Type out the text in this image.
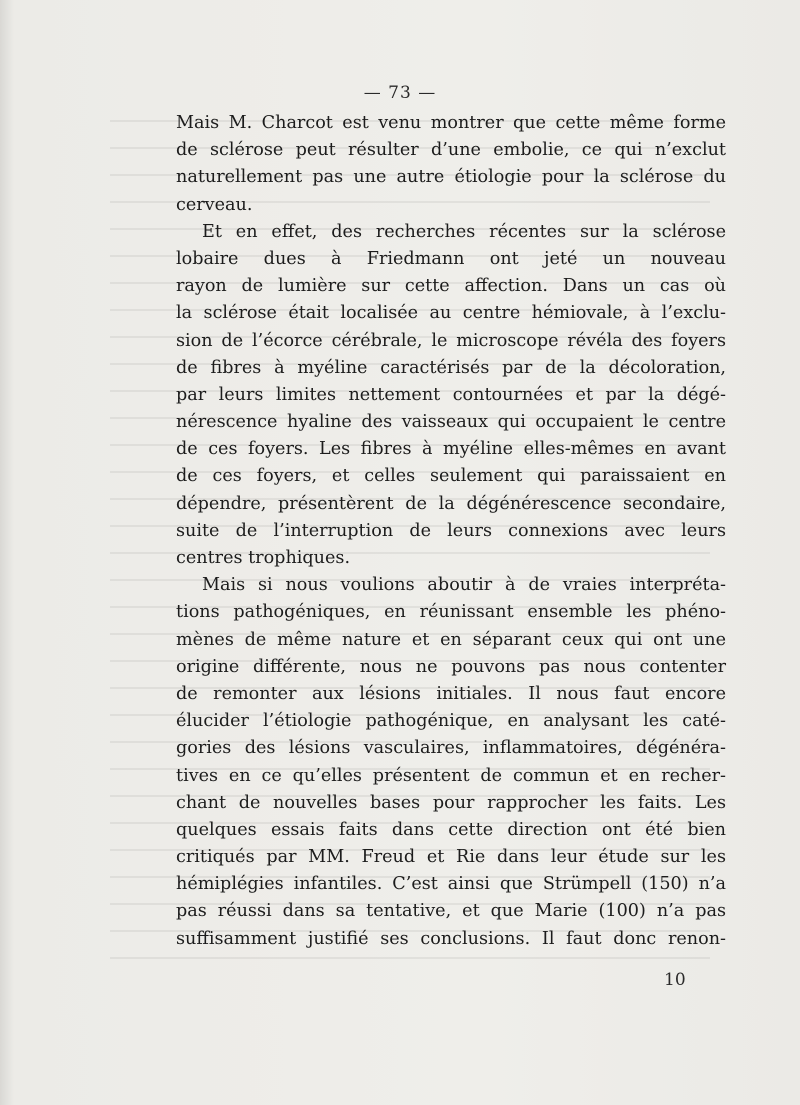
— 73 —
Mais M. Charcot est venu montrer que cette même forme
de sclérose peut résulter d’une embolie, ce qui n’exclut
naturellement pas une autre étiologie pour la sclérose du
cerveau.
Et en effet, des recherches récentes sur la sclérose
lobaire dues à Friedmann ont jeté un nouveau
rayon de lumière sur cette affection. Dans un cas où
la sclérose était localisée au centre hémiovale, à l’exclu-
sion de l’écorce cérébrale, le microscope révéla des foyers
de fibres à myéline caractérisés par de la décoloration,
par leurs limites nettement contournées et par la dégé-
nérescence hyaline des vaisseaux qui occupaient le centre
de ces foyers. Les fibres à myéline elles-mêmes en avant
de ces foyers, et celles seulement qui paraissaient en
dépendre, présentèrent de la dégénérescence secondaire,
suite de l’interruption de leurs connexions avec leurs
centres trophiques.
Mais si nous voulions aboutir à de vraies interpréta-
tions pathogéniques, en réunissant ensemble les phéno-
mènes de même nature et en séparant ceux qui ont une
origine différente, nous ne pouvons pas nous contenter
de remonter aux lésions initiales. Il nous faut encore
élucider l’étiologie pathogénique, en analysant les caté-
gories des lésions vasculaires, inflammatoires, dégénéra-
tives en ce qu’elles présentent de commun et en recher-
chant de nouvelles bases pour rapprocher les faits. Les
quelques essais faits dans cette direction ont été bien
critiqués par MM. Freud et Rie dans leur étude sur les
hémiplégies infantiles. C’est ainsi que Strümpell (150) n’a
pas réussi dans sa tentative, et que Marie (100) n’a pas
suffisamment justifié ses conclusions. Il faut donc renon-
10
